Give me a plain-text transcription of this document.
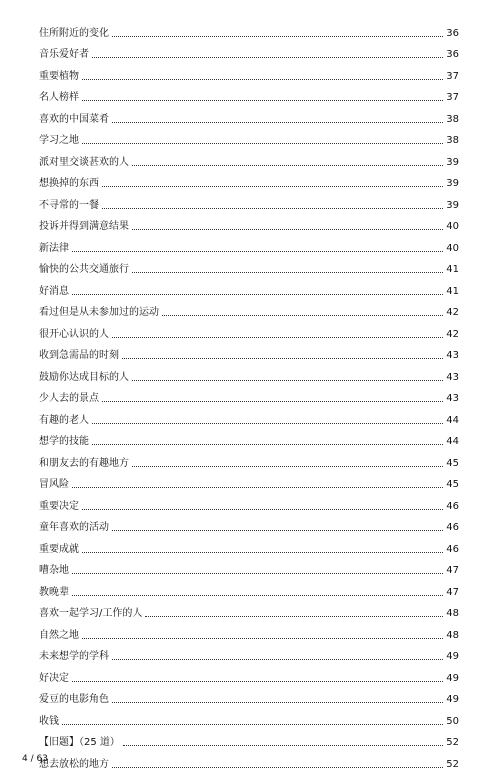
住所附近的变化	36
音乐爱好者	36
重要植物	37
名人榜样	37
喜欢的中国菜肴	38
学习之地	38
派对里交谈甚欢的人	39
想换掉的东西	39
不寻常的一餐	39
投诉并得到满意结果	40
新法律	40
愉快的公共交通旅行	41
好消息	41
看过但是从未参加过的运动	42
很开心认识的人	42
收到急需品的时刻	43
鼓励你达成目标的人	43
少人去的景点	43
有趣的老人	44
想学的技能	44
和朋友去的有趣地方	45
冒风险	45
重要决定	46
童年喜欢的活动	46
重要成就	46
嘈杂地	47
教晚辈	47
喜欢一起学习/工作的人	48
自然之地	48
未来想学的学科	49
好决定	49
爱豆的电影角色	49
收钱	50
【旧题】（25 道）	52
想去放松的地方	52
4 / 63
